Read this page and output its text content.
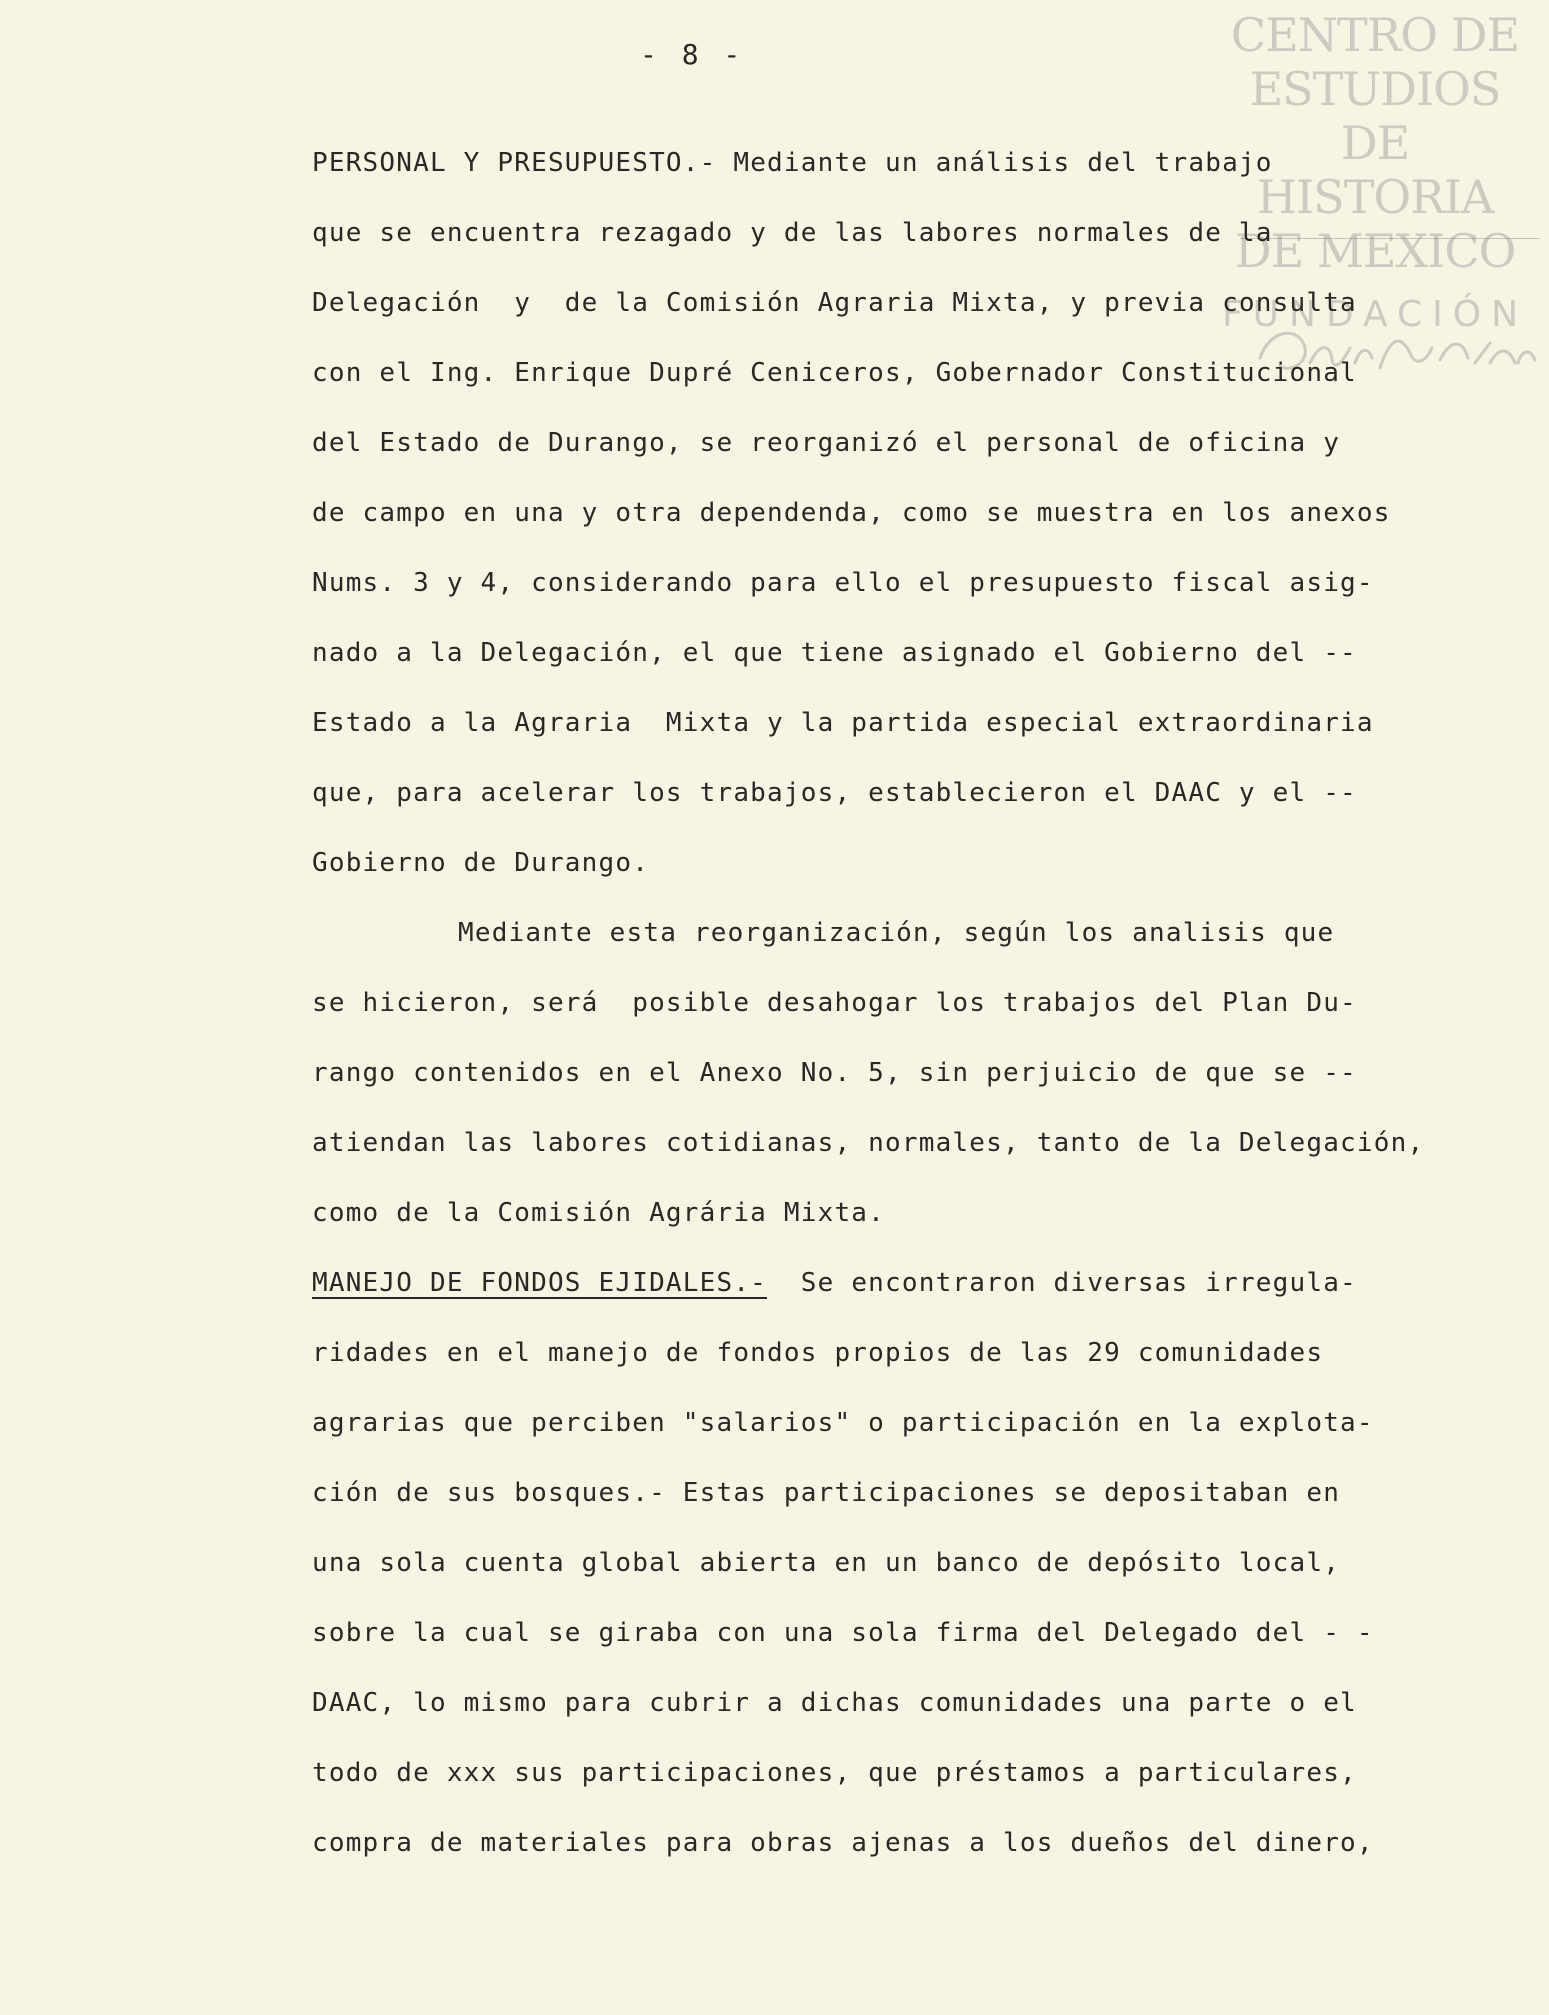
- 8 -	CENTRO DE
ESTUDIOS
DE HISTORIA
DE MEXICO
FUNDACIÓN
PERSONAL Y PRESUPUESTO.- Mediante un análisis del trabajo
que se encuentra rezagado y de las labores normales de la
Delegación  y  de la Comisión Agraria Mixta, y previa consulta
con el Ing. Enrique Dupré Ceniceros, Gobernador Constitucional
del Estado de Durango, se reorganizó el personal de oficina y
de campo en una y otra dependenda, como se muestra en los anexos
Nums. 3 y 4, considerando para ello el presupuesto fiscal asig-
nado a la Delegación, el que tiene asignado el Gobierno del --
Estado a la Agraria  Mixta y la partida especial extraordinaria
que, para acelerar los trabajos, establecieron el DAAC y el --
Gobierno de Durango.
Mediante esta reorganización, según los analisis que
se hicieron, será  posible desahogar los trabajos del Plan Du-
rango contenidos en el Anexo No. 5, sin perjuicio de que se --
atiendan las labores cotidianas, normales, tanto de la Delegación,
como de la Comisión Agrária Mixta.
MANEJO DE FONDOS EJIDALES.-  Se encontraron diversas irregula-
ridades en el manejo de fondos propios de las 29 comunidades
agrarias que perciben "salarios" o participación en la explota-
ción de sus bosques.- Estas participaciones se depositaban en
una sola cuenta global abierta en un banco de depósito local,
sobre la cual se giraba con una sola firma del Delegado del - -
DAAC, lo mismo para cubrir a dichas comunidades una parte o el
todo de xxx sus participaciones, que préstamos a particulares,
compra de materiales para obras ajenas a los dueños del dinero,
